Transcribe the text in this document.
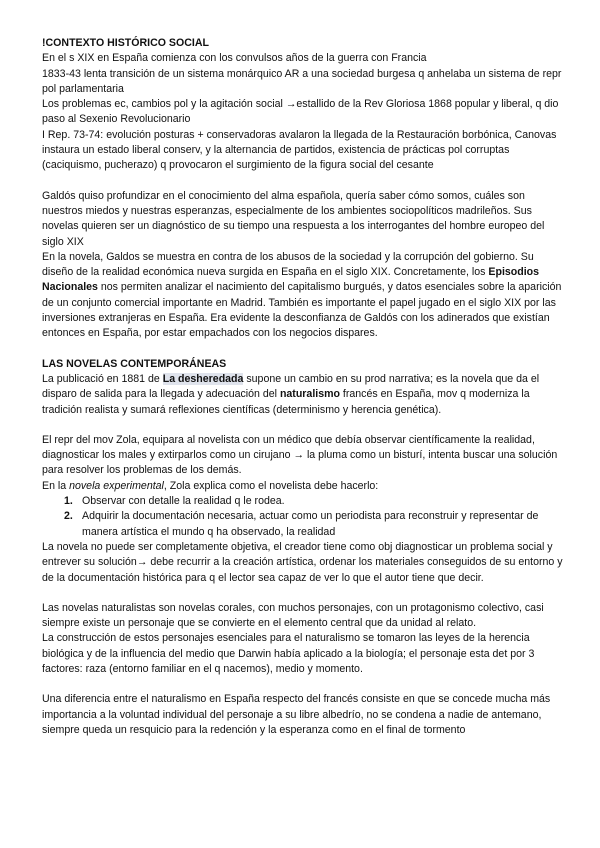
!CONTEXTO HISTÓRICO SOCIAL

En el s XIX en España comienza con los convulsos años de la guerra con Francia

1833-43 lenta transición de un sistema monárquico AR a una sociedad burgesa q anhelaba un sistema de repr pol parlamentaria

Los problemas ec, cambios pol y la agitación social →estallido de la Rev Gloriosa 1868 popular y liberal, q dio paso al Sexenio Revolucionario

I Rep. 73-74: evolución posturas + conservadoras avalaron la llegada de la Restauración borbónica, Canovas instaura un estado liberal conserv, y la alternancia de partidos, existencia de prácticas pol corruptas (caciquismo, pucherazo) q provocaron el surgimiento de la figura social del cesante

Galdós quiso profundizar en el conocimiento del alma española, quería saber cómo somos, cuáles son nuestros miedos y nuestras esperanzas, especialmente de los ambientes sociopolíticos madrileños. Sus novelas quieren ser un diagnóstico de su tiempo una respuesta a los interrogantes del hombre europeo del siglo XIX

En la novela, Galdos se muestra en contra de los abusos de la sociedad y la corrupción del gobierno. Su diseño de la realidad económica nueva surgida en España en el siglo XIX. Concretamente, los Episodios Nacionales nos permiten analizar el nacimiento del capitalismo burgués, y datos esenciales sobre la aparición de un conjunto comercial importante en Madrid. También es importante el papel jugado en el siglo XIX por las inversiones extranjeras en España. Era evidente la desconfianza de Galdós con los adinerados que existían entonces en España, por estar empachados con los negocios dispares.

LAS NOVELAS CONTEMPORÁNEAS

La publicació en 1881 de La desheredada supone un cambio en su prod narrativa; es la novela que da el disparo de salida para la llegada y adecuación del naturalismo francés en España, mov q moderniza la tradición realista y sumará reflexiones científicas (determinismo y herencia genética).

El repr del mov Zola, equipara al novelista con un médico que debía observar científicamente la realidad, diagnosticar los males y extirparlos como un cirujano → la pluma como un bisturí, intenta buscar una solución para resolver los problemas de los demás.

En la novela experimental, Zola explica como el novelista debe hacerlo:

1. Observar con detalle la realidad q le rodea.
2. Adquirir la documentación necesaria, actuar como un periodista para reconstruir y representar de manera artística el mundo q ha observado, la realidad

La novela no puede ser completamente objetiva, el creador tiene como obj diagnosticar un problema social y entrever su solución→ debe recurrir a la creación artística, ordenar los materiales conseguidos de su entorno y de la documentación histórica para q el lector sea capaz de ver lo que el autor tiene que decir.

Las novelas naturalistas son novelas corales, con muchos personajes, con un protagonismo colectivo, casi siempre existe un personaje que se convierte en el elemento central que da unidad al relato.

La construcción de estos personajes esenciales para el naturalismo se tomaron las leyes de la herencia biológica y de la influencia del medio que Darwin había aplicado a la biología; el personaje esta det por 3 factores: raza (entorno familiar en el q nacemos), medio y momento.

Una diferencia entre el naturalismo en España respecto del francés consiste en que se concede mucha más importancia a la voluntad individual del personaje a su libre albedrío, no se condena a nadie de antemano, siempre queda un resquicio para la redención y la esperanza como en el final de tormento
